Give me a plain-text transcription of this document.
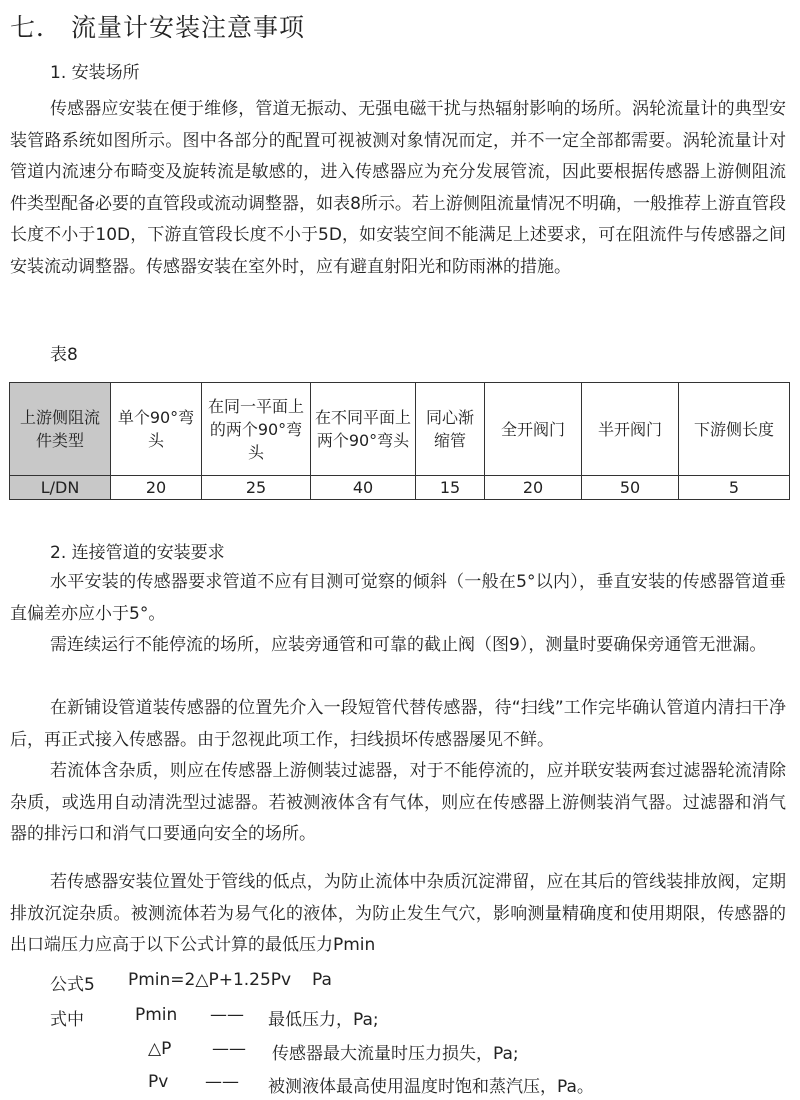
七． 流量计安装注意事项
1. 安装场所

传感器应安装在便于维修，管道无振动、无强电磁干扰与热辐射影响的场所。涡轮流量计的典型安装管路系统如图所示。图中各部分的配置可视被测对象情况而定，并不一定全部都需要。涡轮流量计对管道内流速分布畸变及旋转流是敏感的，进入传感器应为充分发展管流，因此要根据传感器上游侧阻流件类型配备必要的直管段或流动调整器，如表8所示。若上游侧阻流量情况不明确，一般推荐上游直管段长度不小于10D，下游直管段长度不小于5D，如安装空间不能满足上述要求，可在阻流件与传感器之间安装流动调整器。传感器安装在室外时，应有避直射阳光和防雨淋的措施。

表8
上游侧阻流件类型	单个90°弯头	在同一平面上的两个90°弯头	在不同平面上两个90°弯头	同心渐缩管	全开阀门	半开阀门	下游侧长度
L/DN	20	25	40	15	20	50	5
2. 连接管道的安装要求

水平安装的传感器要求管道不应有目测可觉察的倾斜（一般在5°以内），垂直安装的传感器管道垂直偏差亦应小于5°。

需连续运行不能停流的场所，应装旁通管和可靠的截止阀（图9），测量时要确保旁通管无泄漏。

在新铺设管道装传感器的位置先介入一段短管代替传感器，待“扫线”工作完毕确认管道内清扫干净后，再正式接入传感器。由于忽视此项工作，扫线损坏传感器屡见不鲜。

若流体含杂质，则应在传感器上游侧装过滤器，对于不能停流的，应并联安装两套过滤器轮流清除杂质，或选用自动清洗型过滤器。若被测液体含有气体，则应在传感器上游侧装消气器。过滤器和消气器的排污口和消气口要通向安全的场所。

若传感器安装位置处于管线的低点，为防止流体中杂质沉淀滞留，应在其后的管线装排放阀，定期排放沉淀杂质。被测流体若为易气化的液体，为防止发生气穴，影响测量精确度和使用期限，传感器的出口端压力应高于以下公式计算的最低压力Pmin

公式5 Pmin=2△P+1.25Pv Pa
式中	Pmin —— 最低压力，Pa;
△P —— 传感器最大流量时压力损失，Pa;
Pv —— 被测液体最高使用温度时饱和蒸汽压，Pa。
